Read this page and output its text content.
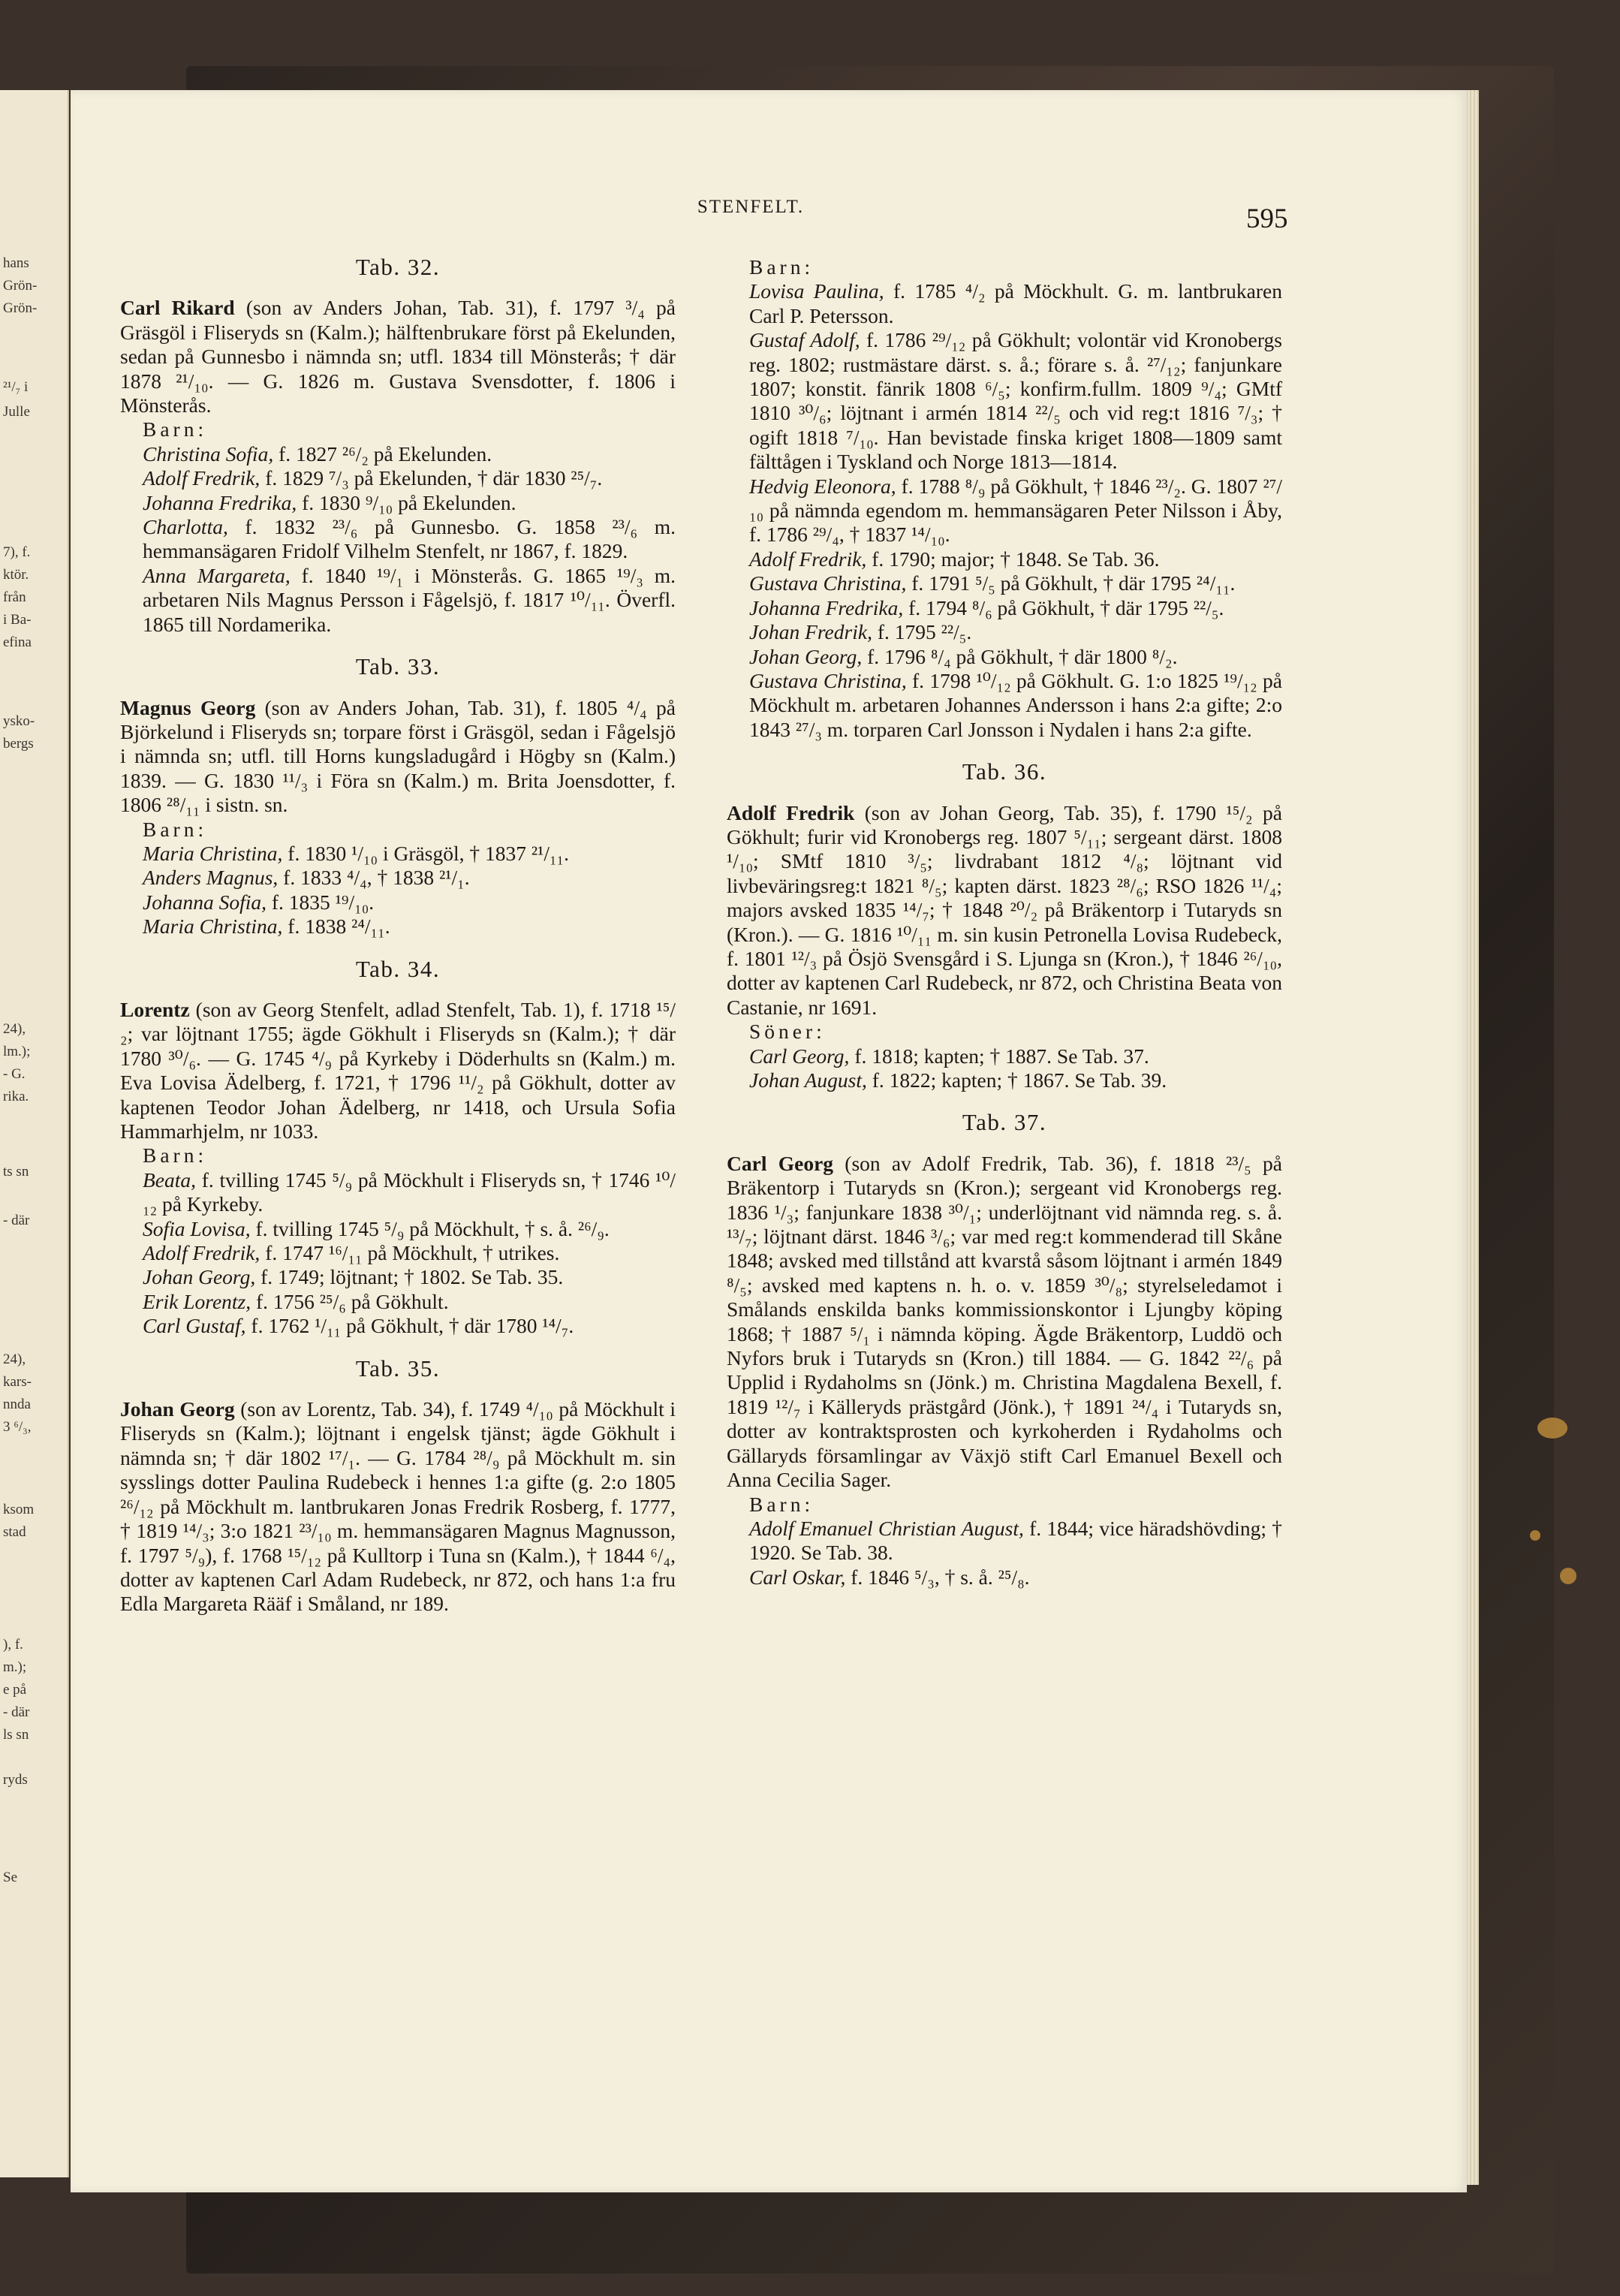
hans
Grön-
Grön-
²¹/₇ i
Julle
7), f.
ktör.
från
i Ba-
efina
ysko-
bergs
24),
lm.);
- G.
rika.
ts sn
- där
24),
kars-
nnda
3 ⁶/₃,
ksom
stad
), f.
m.);
e på
- där
ls sn
ryds
Se
STENFELT.	595
Tab. 32.

Carl Rikard (son av Anders Johan, Tab. 31), f. 1797 ³/₄ på Gräsgöl i Fliseryds sn (Kalm.); hälftenbrukare först på Ekelunden, sedan på Gunnesbo i nämnda sn; utfl. 1834 till Mönsterås; † där 1878 ²¹/₁₀. — G. 1826 m. Gustava Svensdotter, f. 1806 i Mönsterås.

Barn:

Christina Sofia, f. 1827 ²⁶/₂ på Ekelunden.

Adolf Fredrik, f. 1829 ⁷/₃ på Ekelunden, † där 1830 ²⁵/₇.

Johanna Fredrika, f. 1830 ⁹/₁₀ på Ekelunden.

Charlotta, f. 1832 ²³/₆ på Gunnesbo. G. 1858 ²³/₆ m. hemmansägaren Fridolf Vilhelm Stenfelt, nr 1867, f. 1829.

Anna Margareta, f. 1840 ¹⁹/₁ i Mönsterås. G. 1865 ¹⁹/₃ m. arbetaren Nils Magnus Persson i Fågelsjö, f. 1817 ¹⁰/₁₁. Överfl. 1865 till Nordamerika.

Tab. 33.

Magnus Georg (son av Anders Johan, Tab. 31), f. 1805 ⁴/₄ på Björkelund i Fliseryds sn; torpare först i Gräsgöl, sedan i Fågelsjö i nämnda sn; utfl. till Horns kungsladugård i Högby sn (Kalm.) 1839. — G. 1830 ¹¹/₃ i Föra sn (Kalm.) m. Brita Joensdotter, f. 1806 ²⁸/₁₁ i sistn. sn.

Barn:

Maria Christina, f. 1830 ¹/₁₀ i Gräsgöl, † 1837 ²¹/₁₁.

Anders Magnus, f. 1833 ⁴/₄, † 1838 ²¹/₁.

Johanna Sofia, f. 1835 ¹⁹/₁₀.

Maria Christina, f. 1838 ²⁴/₁₁.

Tab. 34.

Lorentz (son av Georg Stenfelt, adlad Stenfelt, Tab. 1), f. 1718 ¹⁵/₂; var löjtnant 1755; ägde Gökhult i Fliseryds sn (Kalm.); † där 1780 ³⁰/₆. — G. 1745 ⁴/₉ på Kyrkeby i Döderhults sn (Kalm.) m. Eva Lovisa Ädelberg, f. 1721, † 1796 ¹¹/₂ på Gökhult, dotter av kaptenen Teodor Johan Ädelberg, nr 1418, och Ursula Sofia Hammarhjelm, nr 1033.

Barn:

Beata, f. tvilling 1745 ⁵/₉ på Möckhult i Fliseryds sn, † 1746 ¹⁰/₁₂ på Kyrkeby.

Sofia Lovisa, f. tvilling 1745 ⁵/₉ på Möckhult, † s. å. ²⁶/₉.

Adolf Fredrik, f. 1747 ¹⁶/₁₁ på Möckhult, † utrikes.

Johan Georg, f. 1749; löjtnant; † 1802. Se Tab. 35.

Erik Lorentz, f. 1756 ²⁵/₆ på Gökhult.

Carl Gustaf, f. 1762 ¹/₁₁ på Gökhult, † där 1780 ¹⁴/₇.

Tab. 35.

Johan Georg (son av Lorentz, Tab. 34), f. 1749 ⁴/₁₀ på Möckhult i Fliseryds sn (Kalm.); löjtnant i engelsk tjänst; ägde Gökhult i nämnda sn; † där 1802 ¹⁷/₁. — G. 1784 ²⁸/₉ på Möckhult m. sin sysslings dotter Paulina Rudebeck i hennes 1:a gifte (g. 2:o 1805 ²⁶/₁₂ på Möckhult m. lantbrukaren Jonas Fredrik Rosberg, f. 1777, † 1819 ¹⁴/₃; 3:o 1821 ²³/₁₀ m. hemmansägaren Magnus Magnusson, f. 1797 ⁵/₉), f. 1768 ¹⁵/₁₂ på Kulltorp i Tuna sn (Kalm.), † 1844 ⁶/₄, dotter av kaptenen Carl Adam Rudebeck, nr 872, och hans 1:a fru Edla Margareta Rääf i Småland, nr 189.

Barn:

Lovisa Paulina, f. 1785 ⁴/₂ på Möckhult. G. m. lantbrukaren Carl P. Petersson.

Gustaf Adolf, f. 1786 ²⁹/₁₂ på Gökhult; volontär vid Kronobergs reg. 1802; rustmästare därst. s. å.; förare s. å. ²⁷/₁₂; fanjunkare 1807; konstit. fänrik 1808 ⁶/₅; konfirm.fullm. 1809 ⁹/₄; GMtf 1810 ³⁰/₆; löjtnant i armén 1814 ²²/₅ och vid reg:t 1816 ⁷/₃; † ogift 1818 ⁷/₁₀. Han bevistade finska kriget 1808—1809 samt fälttågen i Tyskland och Norge 1813—1814.

Hedvig Eleonora, f. 1788 ⁸/₉ på Gökhult, † 1846 ²³/₂. G. 1807 ²⁷/₁₀ på nämnda egendom m. hemmansägaren Peter Nilsson i Åby, f. 1786 ²⁹/₄, † 1837 ¹⁴/₁₀.

Adolf Fredrik, f. 1790; major; † 1848. Se Tab. 36.

Gustava Christina, f. 1791 ⁵/₅ på Gökhult, † där 1795 ²⁴/₁₁.

Johanna Fredrika, f. 1794 ⁸/₆ på Gökhult, † där 1795 ²²/₅.

Johan Fredrik, f. 1795 ²²/₅.

Johan Georg, f. 1796 ⁸/₄ på Gökhult, † där 1800 ⁸/₂.

Gustava Christina, f. 1798 ¹⁰/₁₂ på Gökhult. G. 1:o 1825 ¹⁹/₁₂ på Möckhult m. arbetaren Johannes Andersson i hans 2:a gifte; 2:o 1843 ²⁷/₃ m. torparen Carl Jonsson i Nydalen i hans 2:a gifte.

Tab. 36.

Adolf Fredrik (son av Johan Georg, Tab. 35), f. 1790 ¹⁵/₂ på Gökhult; furir vid Kronobergs reg. 1807 ⁵/₁₁; sergeant därst. 1808 ¹/₁₀; SMtf 1810 ³/₅; livdrabant 1812 ⁴/₈; löjtnant vid livbeväringsreg:t 1821 ⁸/₅; kapten därst. 1823 ²⁸/₆; RSO 1826 ¹¹/₄; majors avsked 1835 ¹⁴/₇; † 1848 ²⁰/₂ på Bräkentorp i Tutaryds sn (Kron.). — G. 1816 ¹⁰/₁₁ m. sin kusin Petronella Lovisa Rudebeck, f. 1801 ¹²/₃ på Ösjö Svensgård i S. Ljunga sn (Kron.), † 1846 ²⁶/₁₀, dotter av kaptenen Carl Rudebeck, nr 872, och Christina Beata von Castanie, nr 1691.

Söner:

Carl Georg, f. 1818; kapten; † 1887. Se Tab. 37.

Johan August, f. 1822; kapten; † 1867. Se Tab. 39.

Tab. 37.

Carl Georg (son av Adolf Fredrik, Tab. 36), f. 1818 ²³/₅ på Bräkentorp i Tutaryds sn (Kron.); sergeant vid Kronobergs reg. 1836 ¹/₃; fanjunkare 1838 ³⁰/₁; underlöjtnant vid nämnda reg. s. å. ¹³/₇; löjtnant därst. 1846 ³/₆; var med reg:t kommenderad till Skåne 1848; avsked med tillstånd att kvarstå såsom löjtnant i armén 1849 ⁸/₅; avsked med kaptens n. h. o. v. 1859 ³⁰/₈; styrelseledamot i Smålands enskilda banks kommissionskontor i Ljungby köping 1868; † 1887 ⁵/₁ i nämnda köping. Ägde Bräkentorp, Luddö och Nyfors bruk i Tutaryds sn (Kron.) till 1884. — G. 1842 ²²/₆ på Upplid i Rydaholms sn (Jönk.) m. Christina Magdalena Bexell, f. 1819 ¹²/₇ i Källeryds prästgård (Jönk.), † 1891 ²⁴/₄ i Tutaryds sn, dotter av kontraktsprosten och kyrkoherden i Rydaholms och Gällaryds församlingar av Växjö stift Carl Emanuel Bexell och Anna Cecilia Sager.

Barn:

Adolf Emanuel Christian August, f. 1844; vice häradshövding; † 1920. Se Tab. 38.

Carl Oskar, f. 1846 ⁵/₃, † s. å. ²⁵/₈.
